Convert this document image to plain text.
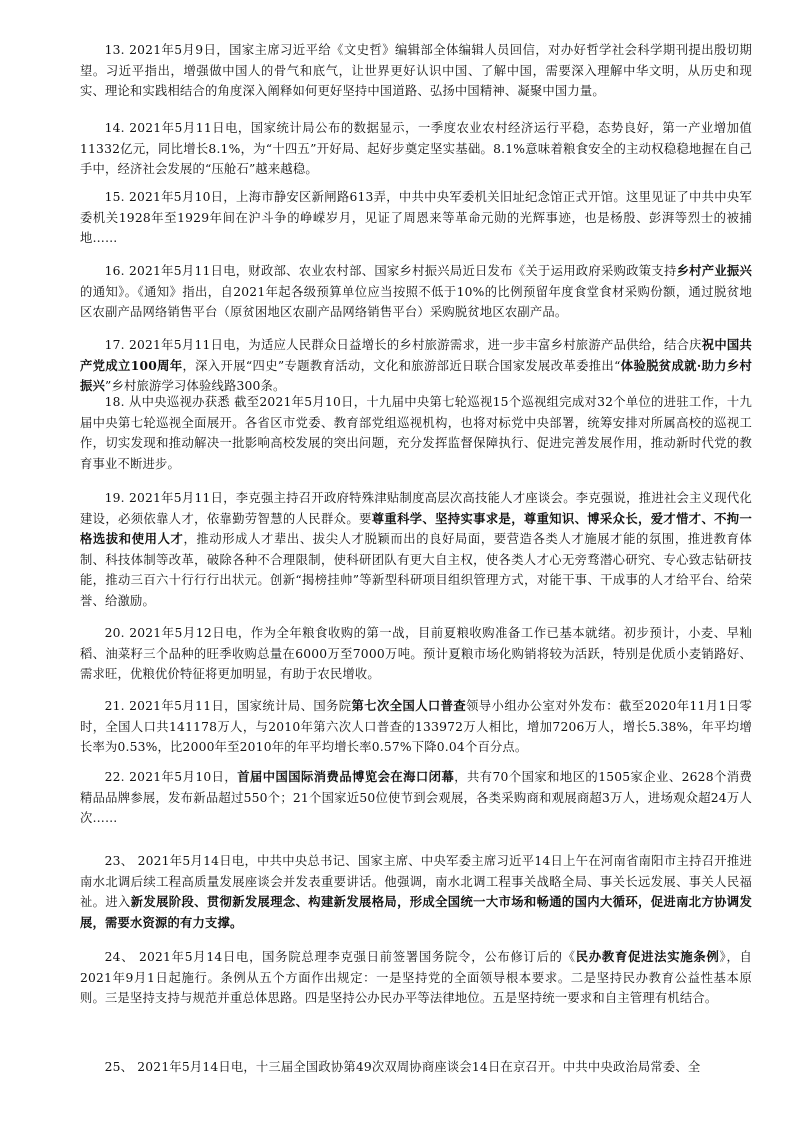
13. 2021年5月9日，国家主席习近平给《文史哲》编辑部全体编辑人员回信，对办好哲学社会科学期刊提出殷切期望。习近平指出，增强做中国人的骨气和底气，让世界更好认识中国、了解中国，需要深入理解中华文明，从历史和现实、理论和实践相结合的角度深入阐释如何更好坚持中国道路、弘扬中国精神、凝聚中国力量。

14. 2021年5月11日电，国家统计局公布的数据显示，一季度农业农村经济运行平稳，态势良好，第一产业增加值11332亿元，同比增长8.1%，为“十四五”开好局、起好步奠定坚实基础。8.1%意味着粮食安全的主动权稳稳地握在自己手中，经济社会发展的“压舱石”越来越稳。

15. 2021年5月10日，上海市静安区新闸路613弄，中共中央军委机关旧址纪念馆正式开馆。这里见证了中共中央军委机关1928年至1929年间在沪斗争的峥嵘岁月，见证了周恩来等革命元勋的光辉事迹，也是杨殷、彭湃等烈士的被捕地……

16. 2021年5月11日电，财政部、农业农村部、国家乡村振兴局近日发布《关于运用政府采购政策支持乡村产业振兴的通知》。《通知》指出，自2021年起各级预算单位应当按照不低于10%的比例预留年度食堂食材采购份额，通过脱贫地区农副产品网络销售平台（原贫困地区农副产品网络销售平台）采购脱贫地区农副产品。

17. 2021年5月11日电，为适应人民群众日益增长的乡村旅游需求，进一步丰富乡村旅游产品供给，结合庆祝中国共产党成立100周年，深入开展“四史”专题教育活动，文化和旅游部近日联合国家发展改革委推出“体验脱贫成就·助力乡村振兴”乡村旅游学习体验线路300条。

18. 从中央巡视办获悉 截至2021年5月10日，十九届中央第七轮巡视15个巡视组完成对32个单位的进驻工作，十九届中央第七轮巡视全面展开。各省区市党委、教育部党组巡视机构，也将对标党中央部署，统筹安排对所属高校的巡视工作，切实发现和推动解决一批影响高校发展的突出问题，充分发挥监督保障执行、促进完善发展作用，推动新时代党的教育事业不断进步。

19. 2021年5月11日，李克强主持召开政府特殊津贴制度高层次高技能人才座谈会。李克强说，推进社会主义现代化建设，必须依靠人才，依靠勤劳智慧的人民群众。要尊重科学、坚持实事求是，尊重知识、博采众长，爱才惜才、不拘一格选拔和使用人才，推动形成人才辈出、拔尖人才脱颖而出的良好局面，要营造各类人才施展才能的氛围，推进教育体制、科技体制等改革，破除各种不合理限制，使科研团队有更大自主权，使各类人才心无旁骛潜心研究、专心致志钻研技能，推动三百六十行行行出状元。创新“揭榜挂帅”等新型科研项目组织管理方式，对能干事、干成事的人才给平台、给荣誉、给激励。

20. 2021年5月12日电，作为全年粮食收购的第一战，目前夏粮收购准备工作已基本就绪。初步预计，小麦、早籼稻、油菜籽三个品种的旺季收购总量在6000万至7000万吨。预计夏粮市场化购销将较为活跃，特别是优质小麦销路好、需求旺，优粮优价特征将更加明显，有助于农民增收。

21. 2021年5月11日，国家统计局、国务院第七次全国人口普查领导小组办公室对外发布：截至2020年11月1日零时，全国人口共141178万人，与2010年第六次人口普查的133972万人相比，增加7206万人，增长5.38%，年平均增长率为0.53%，比2000年至2010年的年平均增长率0.57%下降0.04个百分点。

22. 2021年5月10日，首届中国国际消费品博览会在海口闭幕，共有70个国家和地区的1505家企业、2628个消费精品品牌参展，发布新品超过550个；21个国家近50位使节到会观展，各类采购商和观展商超3万人，进场观众超24万人次……

23、 2021年5月14日电，中共中央总书记、国家主席、中央军委主席习近平14日上午在河南省南阳市主持召开推进南水北调后续工程高质量发展座谈会并发表重要讲话。他强调，南水北调工程事关战略全局、事关长远发展、事关人民福祉。进入新发展阶段、贯彻新发展理念、构建新发展格局，形成全国统一大市场和畅通的国内大循环，促进南北方协调发展，需要水资源的有力支撑。

24、 2021年5月14日电，国务院总理李克强日前签署国务院令，公布修订后的《民办教育促进法实施条例》，自2021年9月1日起施行。条例从五个方面作出规定：一是坚持党的全面领导根本要求。二是坚持民办教育公益性基本原则。三是坚持支持与规范并重总体思路。四是坚持公办民办平等法律地位。五是坚持统一要求和自主管理有机结合。

25、 2021年5月14日电，十三届全国政协第49次双周协商座谈会14日在京召开。中共中央政治局常委、全
